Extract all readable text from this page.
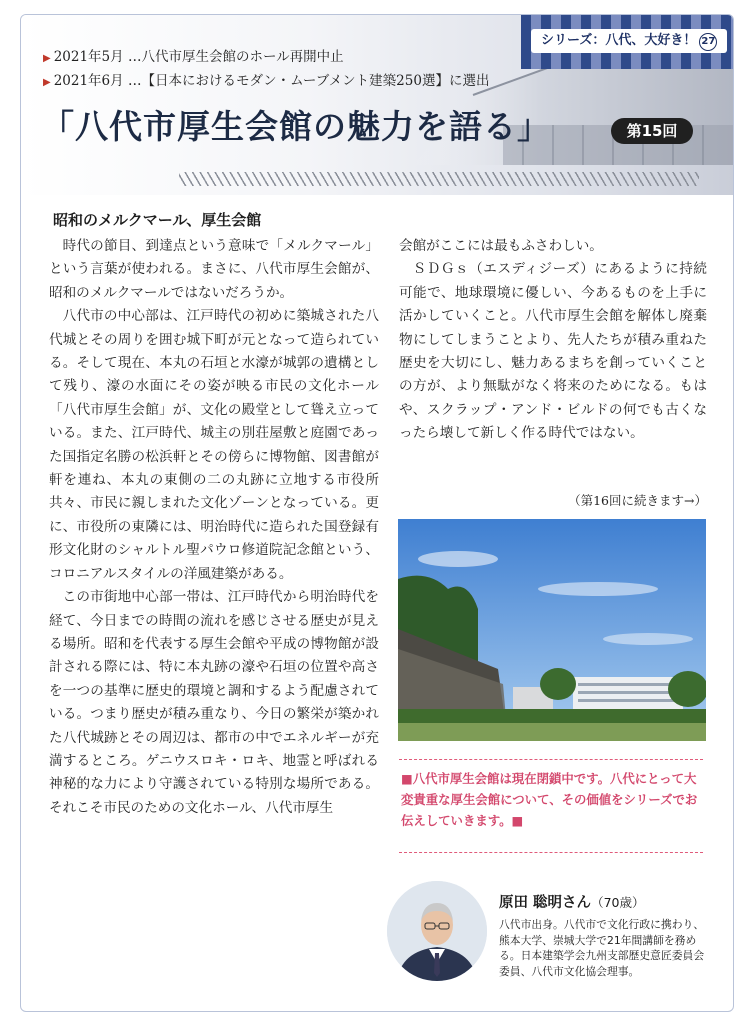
シリーズ：八代、大好き！ 27
▶ 2021年5月 …八代市厚生会館のホール再開中止
▶ 2021年6月 …【日本におけるモダン・ムーブメント建築250選】に選出
「八代市厚生会館の魅力を語る」	第15回
昭和のメルクマール、厚生会館

時代の節目、到達点という意味で「メルクマール」という言葉が使われる。まさに、八代市厚生会館が、昭和のメルクマールではないだろうか。

八代市の中心部は、江戸時代の初めに築城された八代城とその周りを囲む城下町が元となって造られている。そして現在、本丸の石垣と水濠が城郭の遺構として残り、濠の水面にその姿が映る市民の文化ホール「八代市厚生会館」が、文化の殿堂として聳え立っている。また、江戸時代、城主の別荘屋敷と庭園であった国指定名勝の松浜軒とその傍らに博物館、図書館が軒を連ね、本丸の東側の二の丸跡に立地する市役所共々、市民に親しまれた文化ゾーンとなっている。更に、市役所の東隣には、明治時代に造られた国登録有形文化財のシャルトル聖パウロ修道院記念館という、コロニアルスタイルの洋風建築がある。

この市街地中心部一帯は、江戸時代から明治時代を経て、今日までの時間の流れを感じさせる歴史が見える場所。昭和を代表する厚生会館や平成の博物館が設計される際には、特に本丸跡の濠や石垣の位置や高さを一つの基準に歴史的環境と調和するよう配慮されている。つまり歴史が積み重なり、今日の繁栄が築かれた八代城跡とその周辺は、都市の中でエネルギーが充満するところ。ゲニウスロキ・ロキ、地霊と呼ばれる神秘的な力により守護されている特別な場所である。それこそ市民のための文化ホール、八代市厚生

会館がここには最もふさわしい。

ＳＤＧｓ（エスディジーズ）にあるように持続可能で、地球環境に優しい、今あるものを上手に活かしていくこと。八代市厚生会館を解体し廃棄物にしてしまうことより、先人たちが積み重ねた歴史を大切にし、魅力あるまちを創っていくことの方が、より無駄がなく将来のためになる。もはや、スクラップ・アンド・ビルドの何でも古くなったら壊して新しく作る時代ではない。

（第16回に続きます→）
■八代市厚生会館は現在閉鎖中です。八代にとって大変貴重な厚生会館について、その価値をシリーズでお伝えしていきます。■
原田 聡明さん（70歳）
八代市出身。八代市で文化行政に携わり、熊本大学、崇城大学で21年間講師を務める。日本建築学会九州支部歴史意匠委員会委員、八代市文化協会理事。
